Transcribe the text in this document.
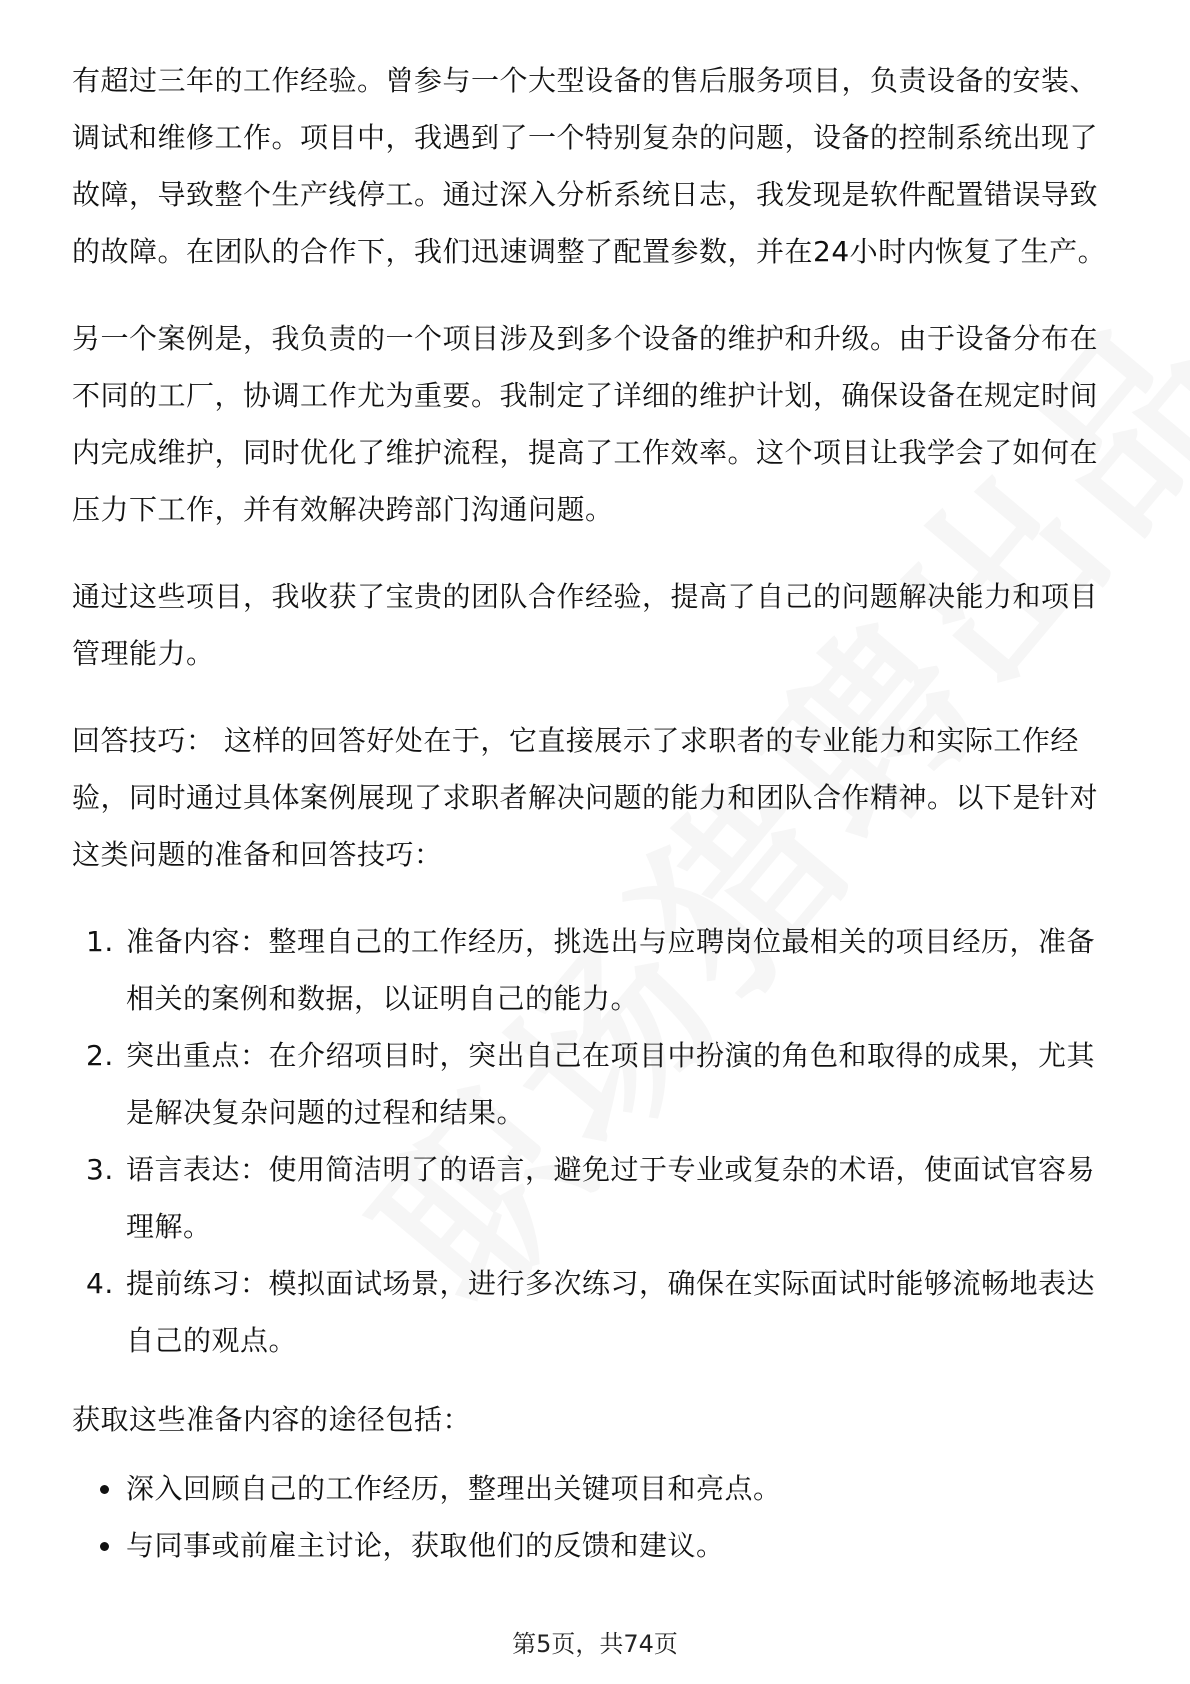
有超过三年的工作经验。曾参与一个大型设备的售后服务项目，负责设备的安装、调试和维修工作。项目中，我遇到了一个特别复杂的问题，设备的控制系统出现了故障，导致整个生产线停工。通过深入分析系统日志，我发现是软件配置错误导致的故障。在团队的合作下，我们迅速调整了配置参数，并在24小时内恢复了生产。

另一个案例是，我负责的一个项目涉及到多个设备的维护和升级。由于设备分布在不同的工厂，协调工作尤为重要。我制定了详细的维护计划，确保设备在规定时间内完成维护，同时优化了维护流程，提高了工作效率。这个项目让我学会了如何在压力下工作，并有效解决跨部门沟通问题。

通过这些项目，我收获了宝贵的团队合作经验，提高了自己的问题解决能力和项目管理能力。

回答技巧： 这样的回答好处在于，它直接展示了求职者的专业能力和实际工作经验，同时通过具体案例展现了求职者解决问题的能力和团队合作精神。以下是针对这类问题的准备和回答技巧：

1. 准备内容：整理自己的工作经历，挑选出与应聘岗位最相关的项目经历，准备相关的案例和数据，以证明自己的能力。
2. 突出重点：在介绍项目时，突出自己在项目中扮演的角色和取得的成果，尤其是解决复杂问题的过程和结果。
3. 语言表达：使用简洁明了的语言，避免过于专业或复杂的术语，使面试官容易理解。
4. 提前练习：模拟面试场景，进行多次练习，确保在实际面试时能够流畅地表达自己的观点。

获取这些准备内容的途径包括：

深入回顾自己的工作经历，整理出关键项目和亮点。
与同事或前雇主讨论，获取他们的反馈和建议。
第5页，共74页
